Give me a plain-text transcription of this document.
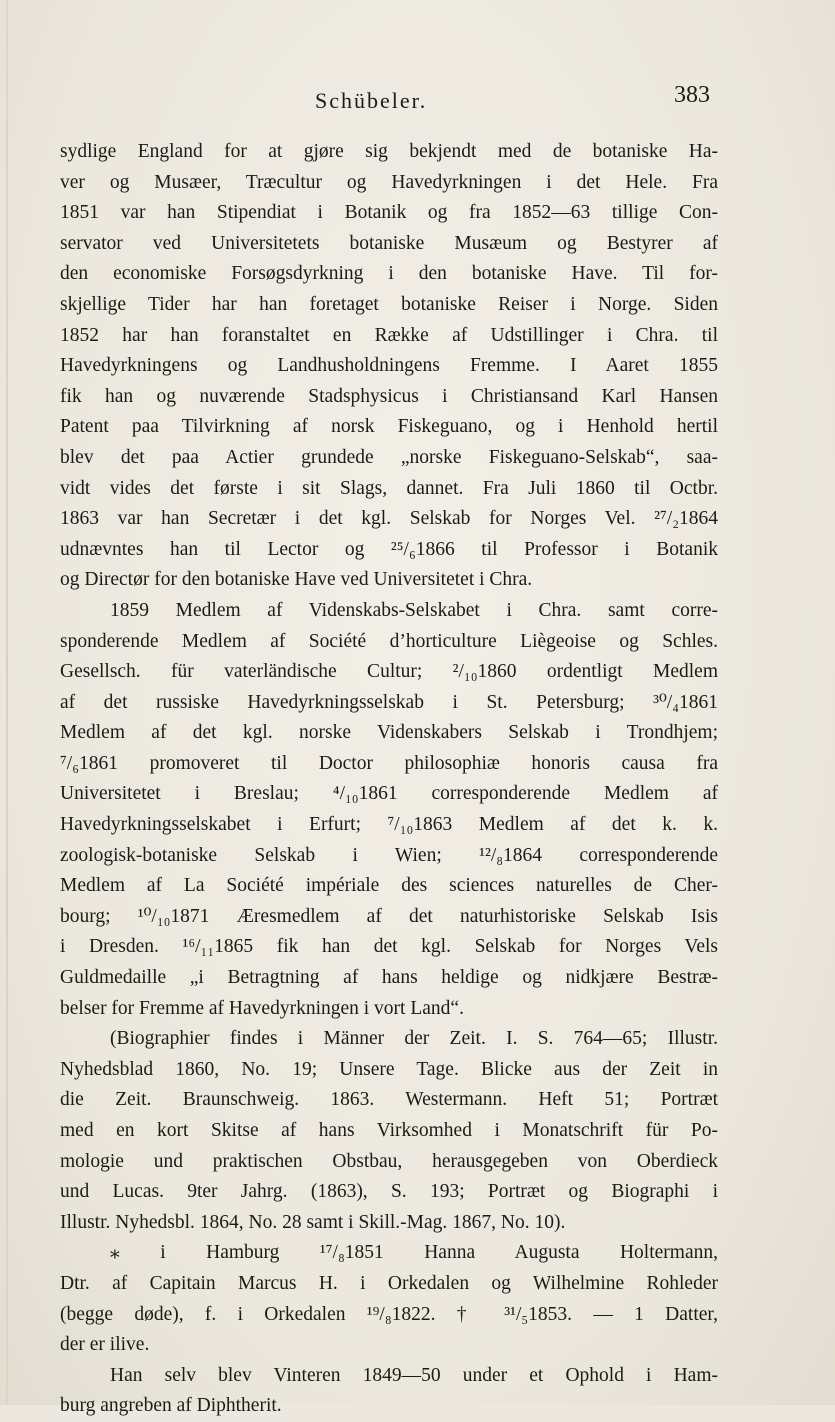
Schübeler.	383
sydlige England for at gjøre sig bekjendt med de botaniske Ha-
ver og Musæer, Træcultur og Havedyrkningen i det Hele. Fra
1851 var han Stipendiat i Botanik og fra 1852—63 tillige Con-
servator ved Universitetets botaniske Musæum og Bestyrer af
den economiske Forsøgsdyrkning i den botaniske Have. Til for-
skjellige Tider har han foretaget botaniske Reiser i Norge. Siden
1852 har han foranstaltet en Række af Udstillinger i Chra. til
Havedyrkningens og Landhusholdningens Fremme. I Aaret 1855
fik han og nuværende Stadsphysicus i Christiansand Karl Hansen
Patent paa Tilvirkning af norsk Fiskeguano, og i Henhold hertil
blev det paa Actier grundede „norske Fiskeguano-Selskab“, saa-
vidt vides det første i sit Slags, dannet. Fra Juli 1860 til Octbr.
1863 var han Secretær i det kgl. Selskab for Norges Vel. ²⁷/₂1864
udnævntes han til Lector og ²⁵/₆1866 til Professor i Botanik
og Directør for den botaniske Have ved Universitetet i Chra.
1859 Medlem af Videnskabs-Selskabet i Chra. samt corre-
sponderende Medlem af Société d’horticulture Liègeoise og Schles.
Gesellsch. für vaterländische Cultur; ²/₁₀1860 ordentligt Medlem
af det russiske Havedyrkningsselskab i St. Petersburg; ³⁰/₄1861
Medlem af det kgl. norske Videnskabers Selskab i Trondhjem;
⁷/₆1861 promoveret til Doctor philosophiæ honoris causa fra
Universitetet i Breslau; ⁴/₁₀1861 corresponderende Medlem af
Havedyrkningsselskabet i Erfurt; ⁷/₁₀1863 Medlem af det k. k.
zoologisk-botaniske Selskab i Wien; ¹²/₈1864 corresponderende
Medlem af La Société impériale des sciences naturelles de Cher-
bourg; ¹⁰/₁₀1871 Æresmedlem af det naturhistoriske Selskab Isis
i Dresden. ¹⁶/₁₁1865 fik han det kgl. Selskab for Norges Vels
Guldmedaille „i Betragtning af hans heldige og nidkjære Bestræ-
belser for Fremme af Havedyrkningen i vort Land“.
(Biographier findes i Männer der Zeit. I. S. 764—65; Illustr.
Nyhedsblad 1860, No. 19; Unsere Tage. Blicke aus der Zeit in
die Zeit. Braunschweig. 1863. Westermann. Heft 51; Portræt
med en kort Skitse af hans Virksomhed i Monatschrift für Po-
mologie und praktischen Obstbau, herausgegeben von Oberdieck
und Lucas. 9ter Jahrg. (1863), S. 193; Portræt og Biographi i
Illustr. Nyhedsbl. 1864, No. 28 samt i Skill.-Mag. 1867, No. 10).
⁎ i Hamburg ¹⁷/₈1851 Hanna Augusta Holtermann,
Dtr. af Capitain Marcus H. i Orkedalen og Wilhelmine Rohleder
(begge døde), f. i Orkedalen ¹⁹/₈1822. † ³¹/₅1853. — 1 Datter,
der er ilive.
Han selv blev Vinteren 1849—50 under et Ophold i Ham-
burg angreben af Diphtherit.
